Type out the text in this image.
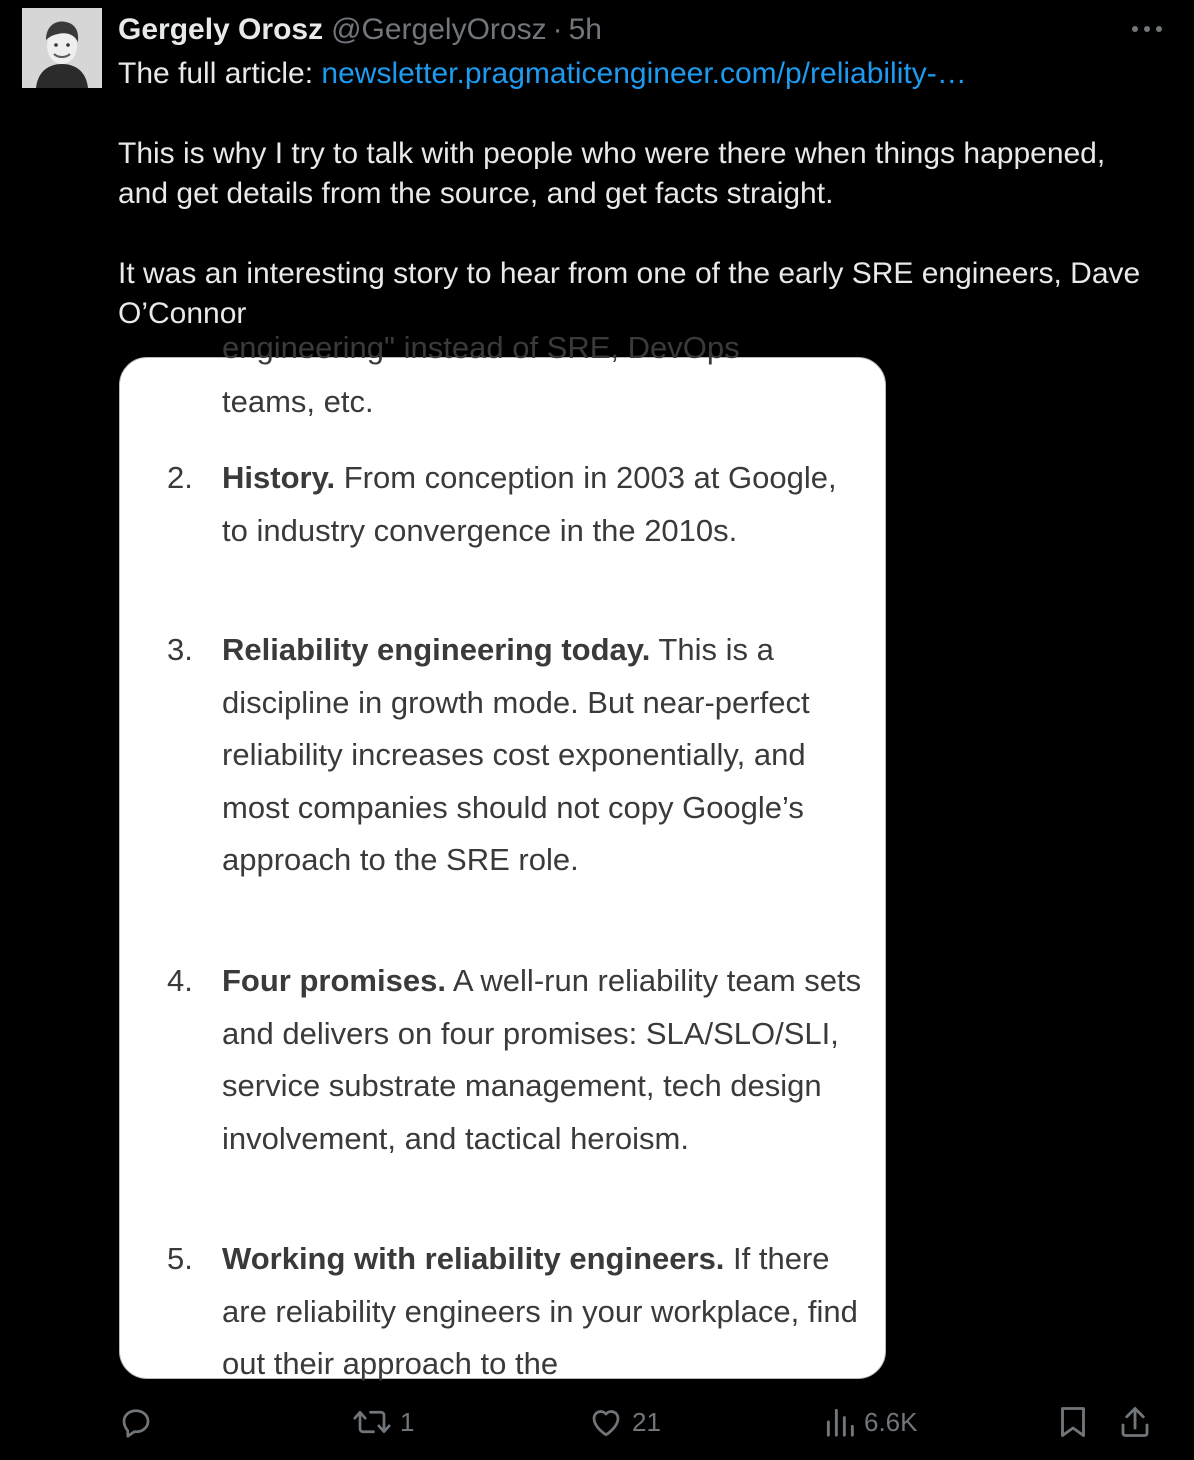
Gergely Orosz @GergelyOrosz · 5h

The full article: newsletter.pragmaticengineer.com/p/reliability-…

This is why I try to talk with people who were there when things happened, and get details from the source, and get facts straight.

It was an interesting story to hear from one of the early SRE engineers, Dave O’Connor

engineering" instead of SRE, DevOps
teams, etc.
2. History. From conception in 2003 at Google, to industry convergence in the 2010s.
3. Reliability engineering today. This is a discipline in growth mode. But near-perfect reliability increases cost exponentially, and most companies should not copy Google’s approach to the SRE role.
4. Four promises. A well-run reliability team sets and delivers on four promises: SLA/SLO/SLI, service substrate management, tech design involvement, and tactical heroism.
5. Working with reliability engineers. If there are reliability engineers in your workplace, find out their approach to the
1	21	6.6K
